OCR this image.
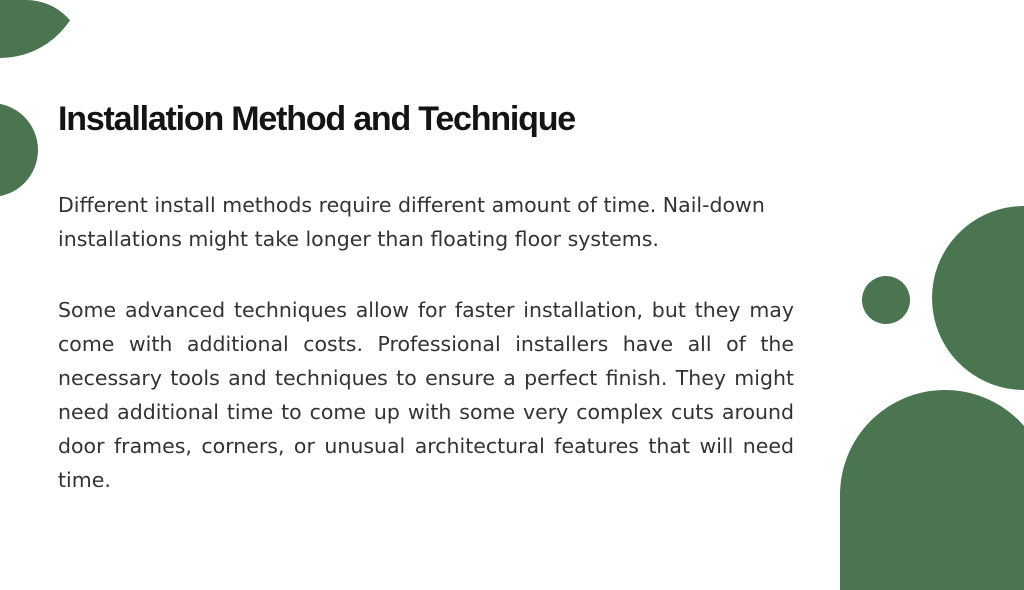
Installation Method and Technique

Different install methods require different amount of time. Nail-down installations might take longer than floating floor systems.

Some advanced techniques allow for faster installation, but they may come with additional costs. Professional installers have all of the necessary tools and techniques to ensure a perfect finish. They might need additional time to come up with some very complex cuts around door frames, corners, or unusual architectural features that will need time.
